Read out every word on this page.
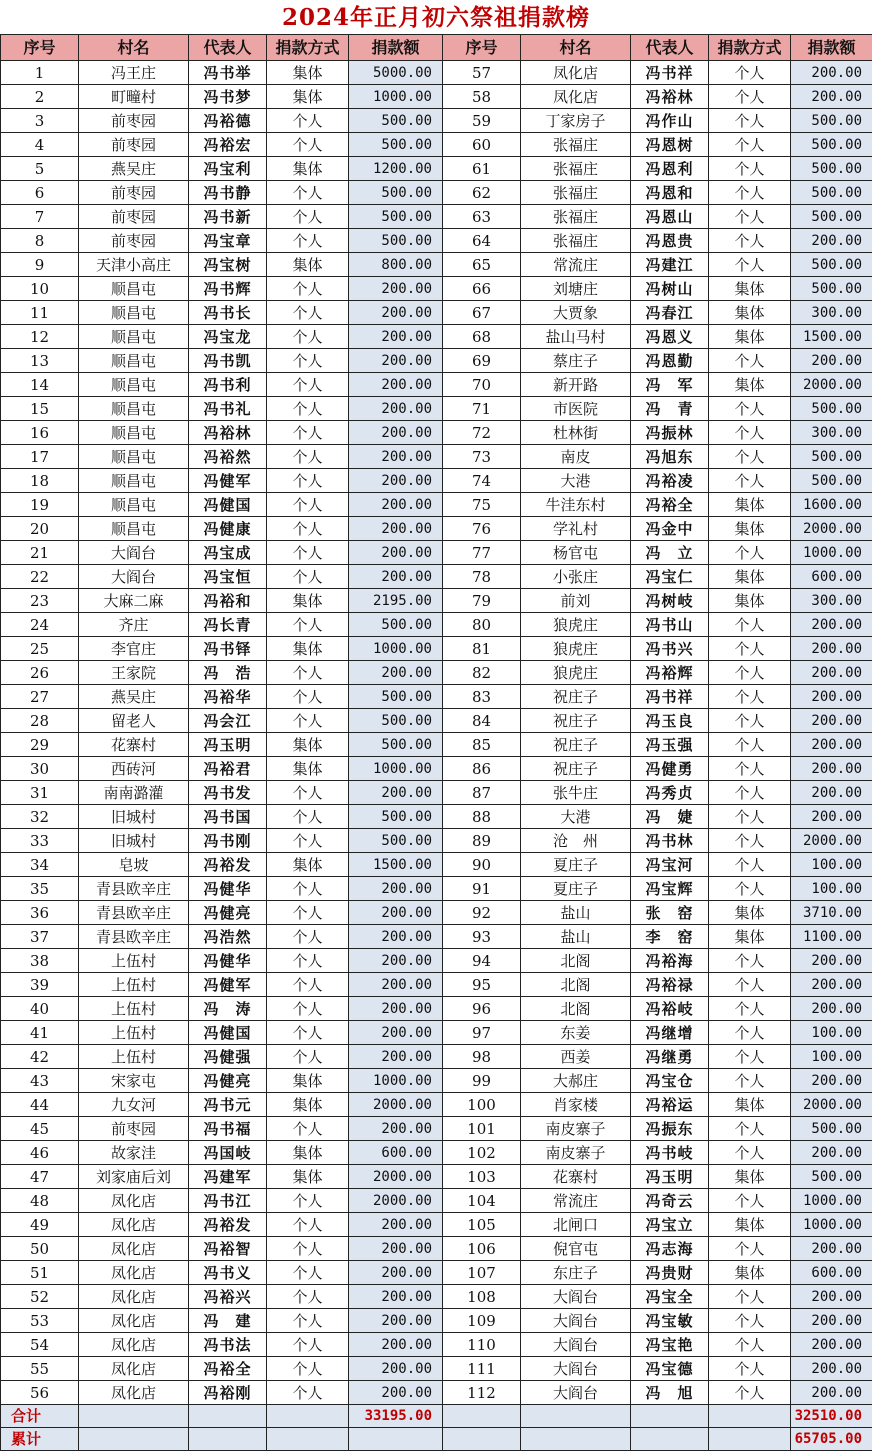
2024年正月初六祭祖捐款榜
序号	村名	代表人	捐款方式	捐款额	序号	村名	代表人	捐款方式	捐款额
1	冯王庄	冯书举	集体	5000.00	57	凤化店	冯书祥	个人	200.00
2	町疃村	冯书梦	集体	1000.00	58	凤化店	冯裕林	个人	200.00
3	前枣园	冯裕德	个人	500.00	59	丁家房子	冯作山	个人	500.00
4	前枣园	冯裕宏	个人	500.00	60	张福庄	冯恩树	个人	500.00
5	燕吴庄	冯宝利	集体	1200.00	61	张福庄	冯恩利	个人	500.00
6	前枣园	冯书静	个人	500.00	62	张福庄	冯恩和	个人	500.00
7	前枣园	冯书新	个人	500.00	63	张福庄	冯恩山	个人	500.00
8	前枣园	冯宝章	个人	500.00	64	张福庄	冯恩贵	个人	200.00
9	天津小高庄	冯宝树	集体	800.00	65	常流庄	冯建江	个人	500.00
10	顺昌屯	冯书辉	个人	200.00	66	刘塘庄	冯树山	集体	500.00
11	顺昌屯	冯书长	个人	200.00	67	大贾象	冯春江	集体	300.00
12	顺昌屯	冯宝龙	个人	200.00	68	盐山马村	冯恩义	集体	1500.00
13	顺昌屯	冯书凯	个人	200.00	69	蔡庄子	冯恩勤	个人	200.00
14	顺昌屯	冯书利	个人	200.00	70	新开路	冯　军	集体	2000.00
15	顺昌屯	冯书礼	个人	200.00	71	市医院	冯　青	个人	500.00
16	顺昌屯	冯裕林	个人	200.00	72	杜林街	冯振林	个人	300.00
17	顺昌屯	冯裕然	个人	200.00	73	南皮	冯旭东	个人	500.00
18	顺昌屯	冯健军	个人	200.00	74	大港	冯裕凌	个人	500.00
19	顺昌屯	冯健国	个人	200.00	75	牛洼东村	冯裕全	集体	1600.00
20	顺昌屯	冯健康	个人	200.00	76	学礼村	冯金中	集体	2000.00
21	大阎台	冯宝成	个人	200.00	77	杨官屯	冯　立	个人	1000.00
22	大阎台	冯宝恒	个人	200.00	78	小张庄	冯宝仁	集体	600.00
23	大麻二麻	冯裕和	集体	2195.00	79	前刘	冯树岐	集体	300.00
24	齐庄	冯长青	个人	500.00	80	狼虎庄	冯书山	个人	200.00
25	李官庄	冯书铎	集体	1000.00	81	狼虎庄	冯书兴	个人	200.00
26	王家院	冯　浩	个人	200.00	82	狼虎庄	冯裕辉	个人	200.00
27	燕吴庄	冯裕华	个人	500.00	83	祝庄子	冯书祥	个人	200.00
28	留老人	冯会江	个人	500.00	84	祝庄子	冯玉良	个人	200.00
29	花寨村	冯玉明	集体	500.00	85	祝庄子	冯玉强	个人	200.00
30	西砖河	冯裕君	集体	1000.00	86	祝庄子	冯健勇	个人	200.00
31	南南潞灌	冯书发	个人	200.00	87	张牛庄	冯秀贞	个人	200.00
32	旧城村	冯书国	个人	500.00	88	大港	冯　婕	个人	200.00
33	旧城村	冯书刚	个人	500.00	89	沧　州	冯书林	个人	2000.00
34	皂坡	冯裕发	集体	1500.00	90	夏庄子	冯宝河	个人	100.00
35	青县欧辛庄	冯健华	个人	200.00	91	夏庄子	冯宝辉	个人	100.00
36	青县欧辛庄	冯健亮	个人	200.00	92	盐山	张　窑	集体	3710.00
37	青县欧辛庄	冯浩然	个人	200.00	93	盐山	李　窑	集体	1100.00
38	上伍村	冯健华	个人	200.00	94	北阁	冯裕海	个人	200.00
39	上伍村	冯健军	个人	200.00	95	北阁	冯裕禄	个人	200.00
40	上伍村	冯　涛	个人	200.00	96	北阁	冯裕岐	个人	200.00
41	上伍村	冯健国	个人	200.00	97	东姜	冯继增	个人	100.00
42	上伍村	冯健强	个人	200.00	98	西姜	冯继勇	个人	100.00
43	宋家屯	冯健亮	集体	1000.00	99	大郝庄	冯宝仓	个人	200.00
44	九女河	冯书元	集体	2000.00	100	肖家楼	冯裕运	集体	2000.00
45	前枣园	冯书福	个人	200.00	101	南皮寨子	冯振东	个人	500.00
46	故家洼	冯国岐	集体	600.00	102	南皮寨子	冯书岐	个人	200.00
47	刘家庙后刘	冯建军	集体	2000.00	103	花寨村	冯玉明	集体	500.00
48	凤化店	冯书江	个人	2000.00	104	常流庄	冯奇云	个人	1000.00
49	凤化店	冯裕发	个人	200.00	105	北闸口	冯宝立	集体	1000.00
50	凤化店	冯裕智	个人	200.00	106	倪官屯	冯志海	个人	200.00
51	凤化店	冯书义	个人	200.00	107	东庄子	冯贵财	集体	600.00
52	凤化店	冯裕兴	个人	200.00	108	大阎台	冯宝全	个人	200.00
53	凤化店	冯　建	个人	200.00	109	大阎台	冯宝敏	个人	200.00
54	凤化店	冯书法	个人	200.00	110	大阎台	冯宝艳	个人	200.00
55	凤化店	冯裕全	个人	200.00	111	大阎台	冯宝德	个人	200.00
56	凤化店	冯裕刚	个人	200.00	112	大阎台	冯　旭	个人	200.00
合计				33195.00					32510.00
累计									65705.00
